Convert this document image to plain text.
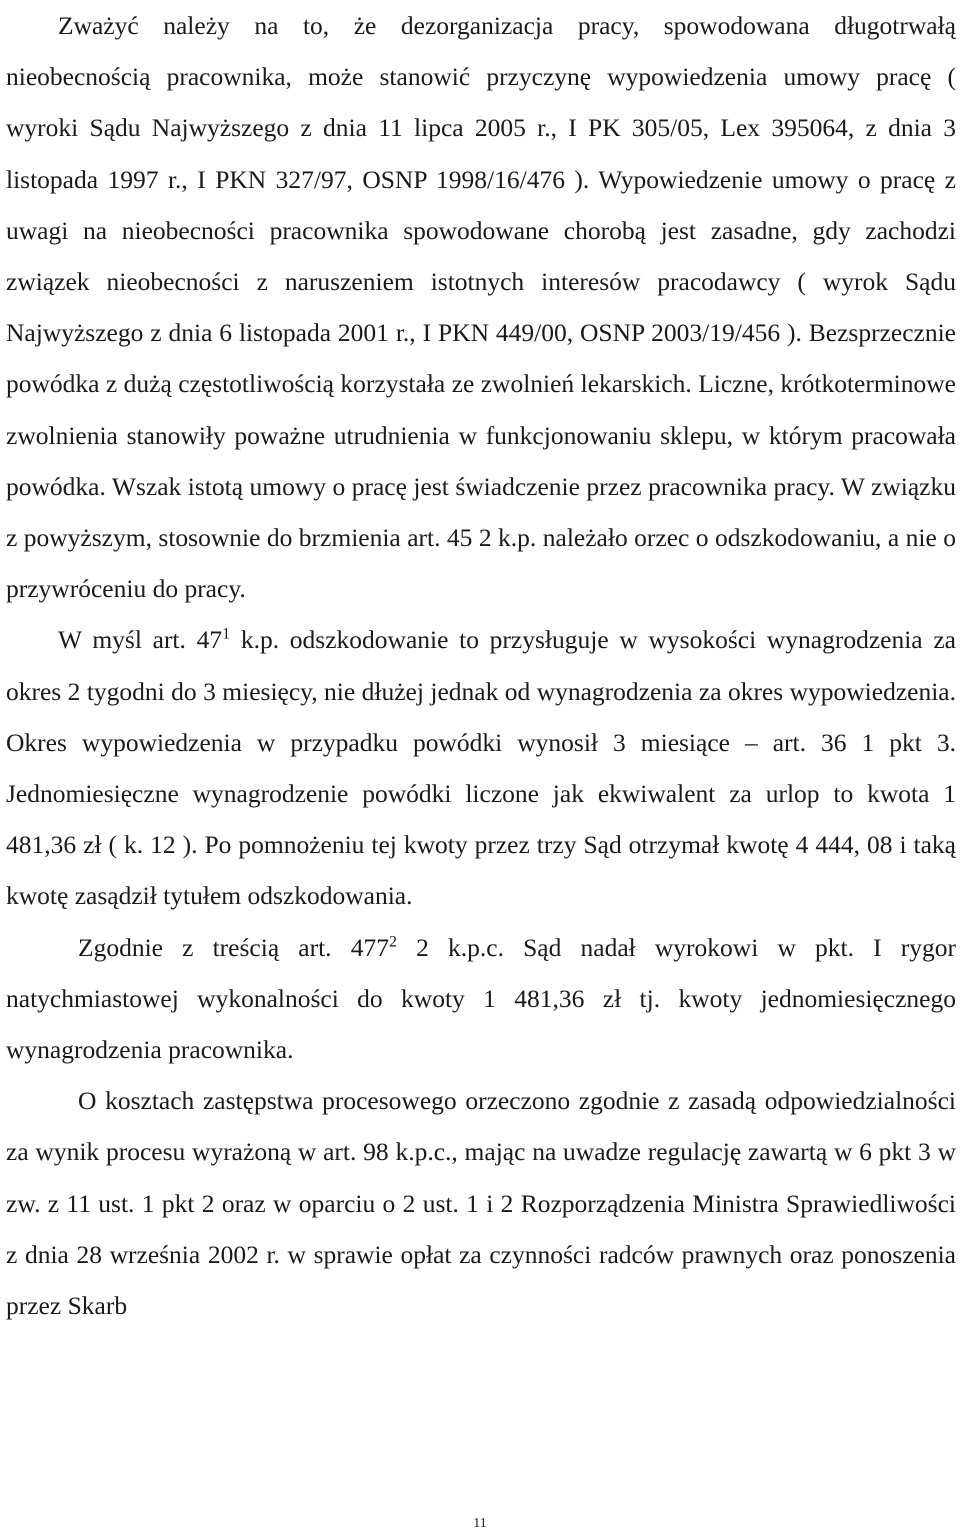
Zważyć należy na to, że dezorganizacja pracy, spowodowana długotrwałą nieobecnością pracownika, może stanowić przyczynę wypowiedzenia umowy pracę ( wyroki Sądu Najwyższego z dnia 11 lipca 2005 r., I PK 305/05, Lex 395064, z dnia 3 listopada 1997 r., I PKN 327/97, OSNP 1998/16/476 ). Wypowiedzenie umowy o pracę z uwagi na nieobecności pracownika spowodowane chorobą jest zasadne, gdy zachodzi związek nieobecności z naruszeniem istotnych interesów pracodawcy ( wyrok Sądu Najwyższego z dnia 6 listopada 2001 r., I PKN 449/00, OSNP 2003/19/456 ). Bezsprzecznie powódka z dużą częstotliwością korzystała ze zwolnień lekarskich. Liczne, krótkoterminowe zwolnienia stanowiły poważne utrudnienia w funkcjonowaniu sklepu, w którym pracowała powódka. Wszak istotą umowy o pracę jest świadczenie przez pracownika pracy. W związku z powyższym, stosownie do brzmienia art. 45 2 k.p. należało orzec o odszkodowaniu, a nie o przywróceniu do pracy.

W myśl art. $47^1$ k.p. odszkodowanie to przysługuje w wysokości wynagrodzenia za okres 2 tygodni do 3 miesięcy, nie dłużej jednak od wynagrodzenia za okres wypowiedzenia. Okres wypowiedzenia w przypadku powódki wynosił 3 miesiące – art. 36 1 pkt 3. Jednomiesięczne wynagrodzenie powódki liczone jak ekwiwalent za urlop to kwota 1 481,36 zł ( k. 12 ). Po pomnożeniu tej kwoty przez trzy Sąd otrzymał kwotę 4 444, 08 i taką kwotę zasądził tytułem odszkodowania.

Zgodnie z treścią art. $477^2$ 2 k.p.c. Sąd nadał wyrokowi w pkt. I rygor natychmiastowej wykonalności do kwoty 1 481,36 zł tj. kwoty jednomiesięcznego wynagrodzenia pracownika.

O kosztach zastępstwa procesowego orzeczono zgodnie z zasadą odpowiedzialności za wynik procesu wyrażoną w art. 98 k.p.c., mając na uwadze regulację zawartą w 6 pkt 3 w zw. z 11 ust. 1 pkt 2 oraz w oparciu o 2 ust. 1 i 2 Rozporządzenia Ministra Sprawiedliwości z dnia 28 września 2002 r. w sprawie opłat za czynności radców prawnych oraz ponoszenia przez Skarb

11
